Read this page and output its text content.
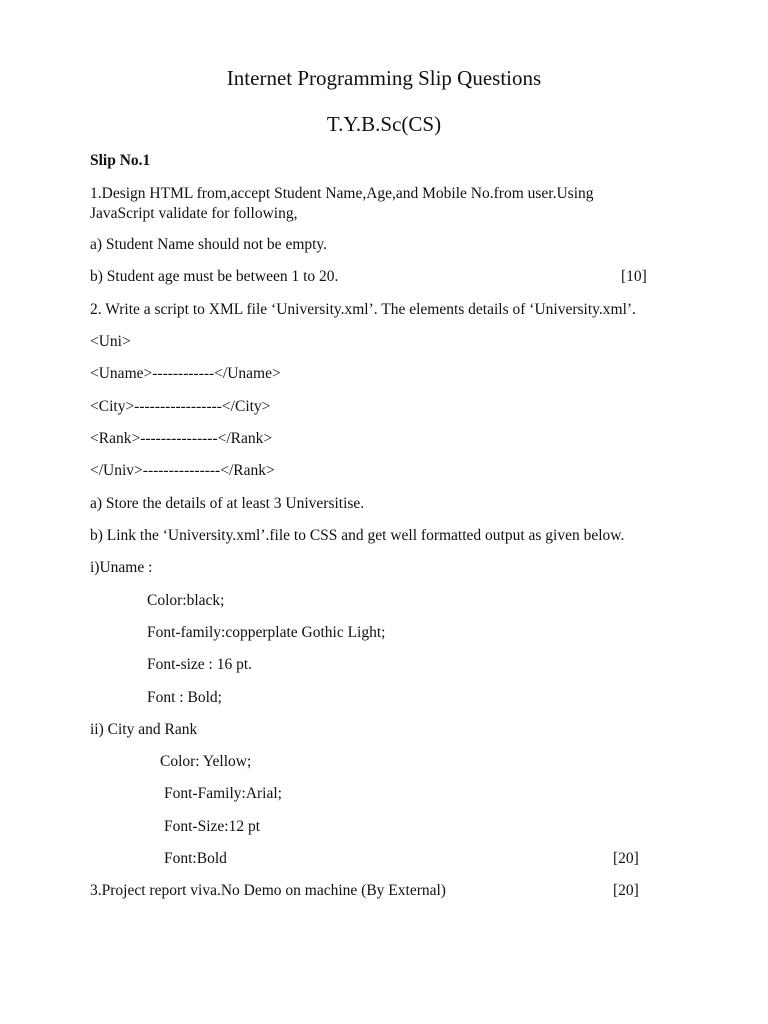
Internet Programming Slip Questions
T.Y.B.Sc(CS)
Slip No.1
1.Design HTML from,accept Student Name,Age,and Mobile No.from user.Using
JavaScript validate for following,
a) Student Name should not be empty.
b) Student age must be between 1 to 20.	[10]
2. Write a script to XML file ‘University.xml’. The elements details of ‘University.xml’.
<Uni>
<Uname>------------</Uname>
<City>-----------------</City>
<Rank>---------------</Rank>
</Univ>---------------</Rank>
a) Store the details of at least 3 Universitise.
b) Link the ‘University.xml’.file to CSS and get well formatted output as given below.
i)Uname :
Color:black;
Font-family:copperplate Gothic Light;
Font-size : 16 pt.
Font : Bold;
ii) City and Rank
Color: Yellow;
Font-Family:Arial;
Font-Size:12 pt
Font:Bold	[20]
3.Project report viva.No Demo on machine (By External)	[20]
